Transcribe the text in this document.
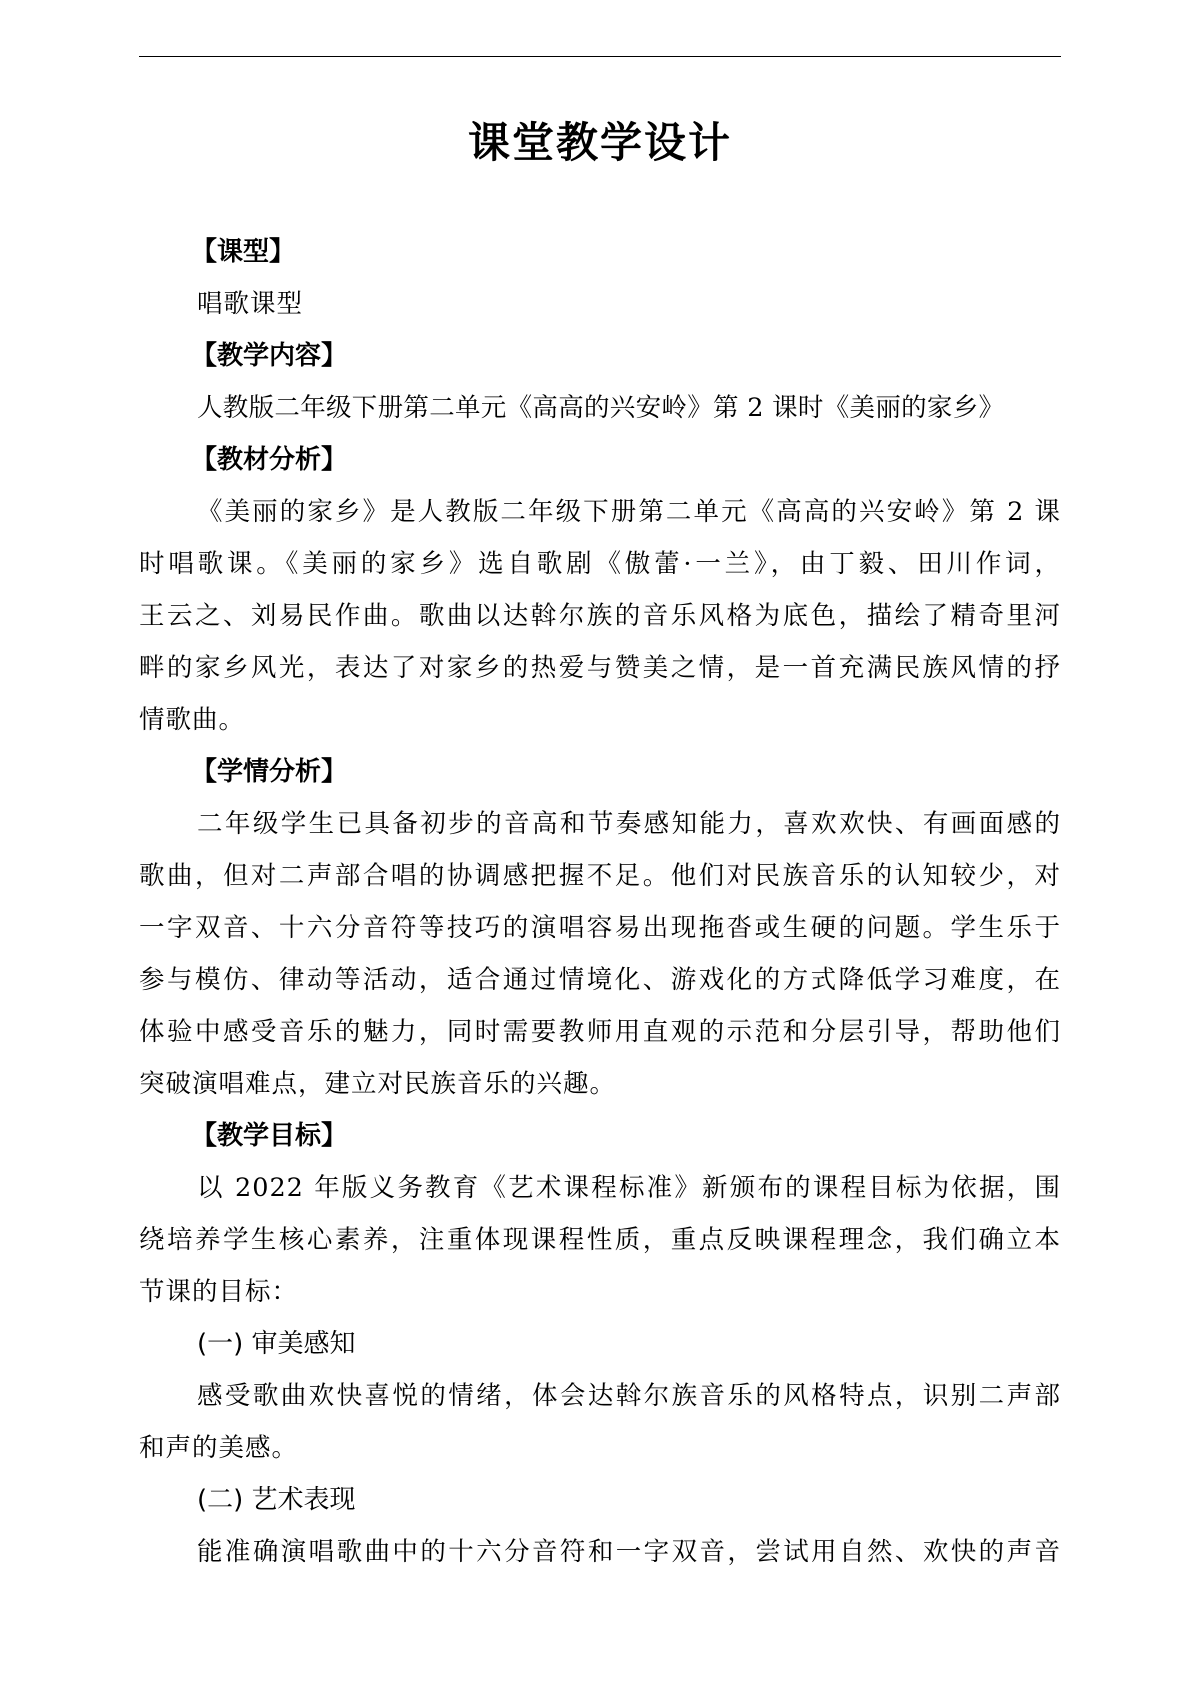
课堂教学设计
【课型】
唱歌课型
【教学内容】
人教版二年级下册第二单元《高高的兴安岭》第 2 课时《美丽的家乡》
【教材分析】
《美丽的家乡》是人教版二年级下册第二单元《高高的兴安岭》第 2 课
时唱歌课。《美丽的家乡》选自歌剧《傲蕾·一兰》，由丁毅、田川作词，
王云之、刘易民作曲。歌曲以达斡尔族的音乐风格为底色，描绘了精奇里河
畔的家乡风光，表达了对家乡的热爱与赞美之情，是一首充满民族风情的抒
情歌曲。
【学情分析】
二年级学生已具备初步的音高和节奏感知能力，喜欢欢快、有画面感的
歌曲，但对二声部合唱的协调感把握不足。他们对民族音乐的认知较少，对
一字双音、十六分音符等技巧的演唱容易出现拖沓或生硬的问题。学生乐于
参与模仿、律动等活动，适合通过情境化、游戏化的方式降低学习难度，在
体验中感受音乐的魅力，同时需要教师用直观的示范和分层引导，帮助他们
突破演唱难点，建立对民族音乐的兴趣。
【教学目标】
以 2022 年版义务教育《艺术课程标准》新颁布的课程目标为依据，围
绕培养学生核心素养，注重体现课程性质，重点反映课程理念，我们确立本
节课的目标：
(一) 审美感知
感受歌曲欢快喜悦的情绪，体会达斡尔族音乐的风格特点，识别二声部
和声的美感。
(二) 艺术表现
能准确演唱歌曲中的十六分音符和一字双音，尝试用自然、欢快的声音
